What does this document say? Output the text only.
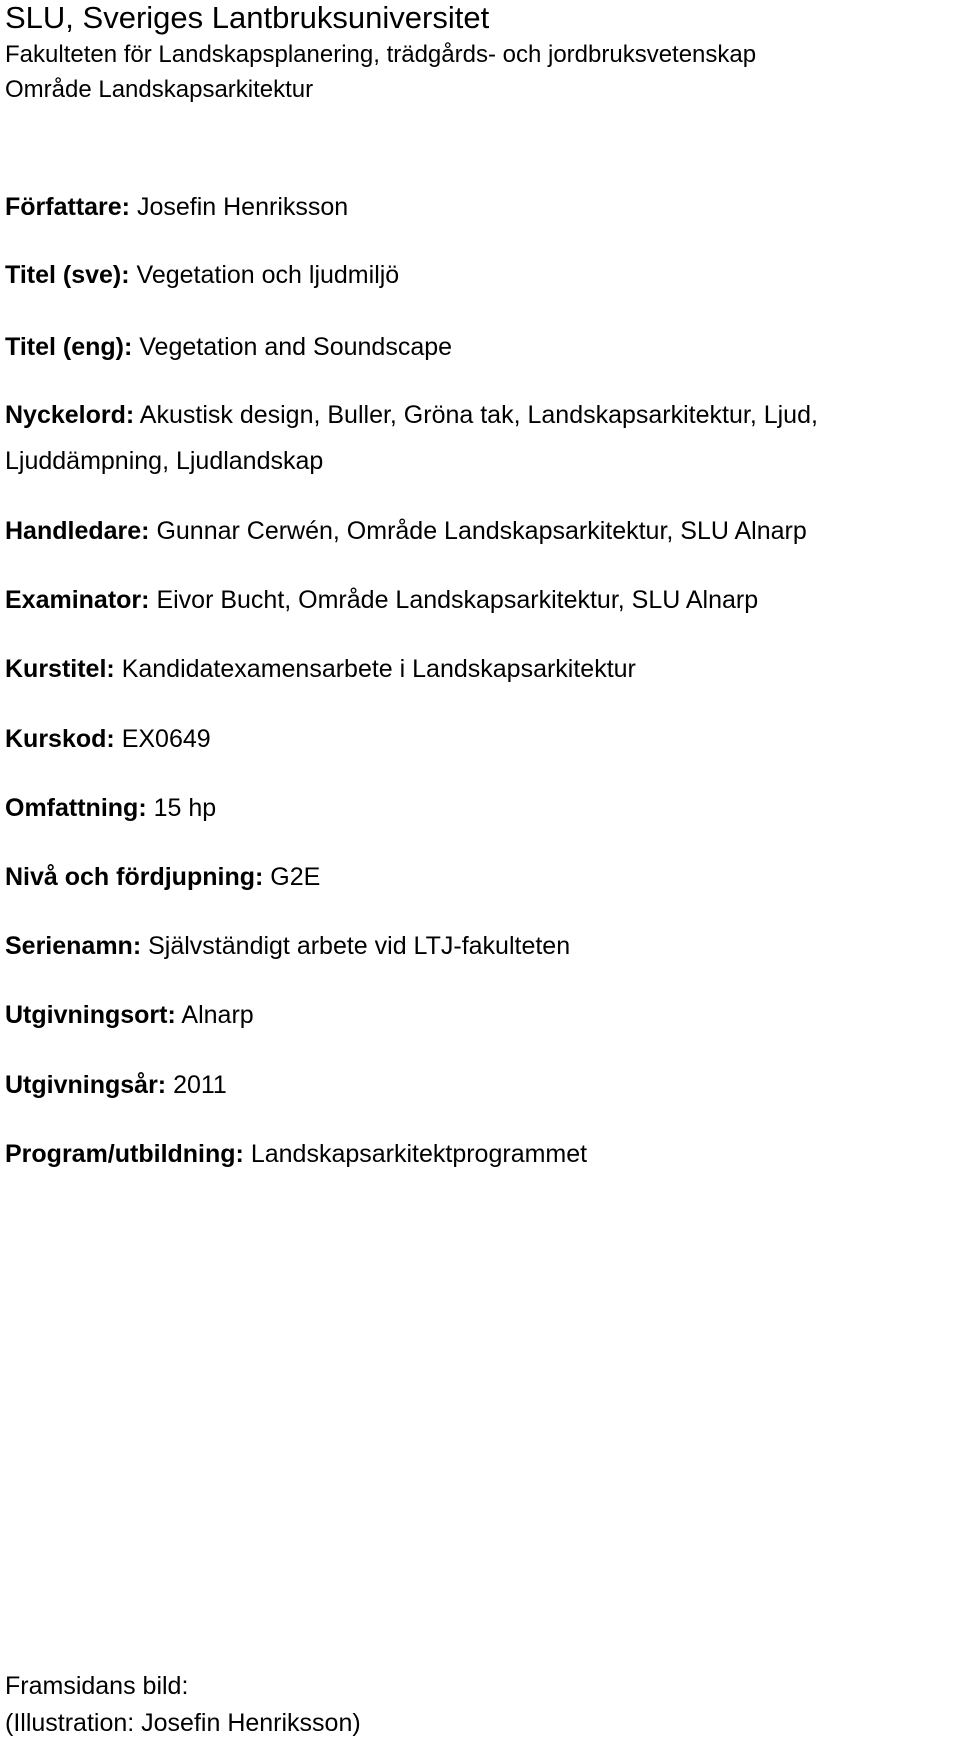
SLU, Sveriges Lantbruksuniversitet
Fakulteten för Landskapsplanering, trädgårds- och jordbruksvetenskap
Område Landskapsarkitektur
Författare: Josefin Henriksson
Titel (sve): Vegetation och ljudmiljö
Titel (eng): Vegetation and Soundscape
Nyckelord: Akustisk design, Buller, Gröna tak, Landskapsarkitektur, Ljud, Ljuddämpning, Ljudlandskap
Handledare: Gunnar Cerwén, Område Landskapsarkitektur, SLU Alnarp
Examinator: Eivor Bucht, Område Landskapsarkitektur, SLU Alnarp
Kurstitel: Kandidatexamensarbete i Landskapsarkitektur
Kurskod: EX0649
Omfattning: 15 hp
Nivå och fördjupning: G2E
Serienamn: Självständigt arbete vid LTJ-fakulteten
Utgivningsort: Alnarp
Utgivningsår: 2011
Program/utbildning: Landskapsarkitektprogrammet
Framsidans bild:
(Illustration: Josefin Henriksson)
